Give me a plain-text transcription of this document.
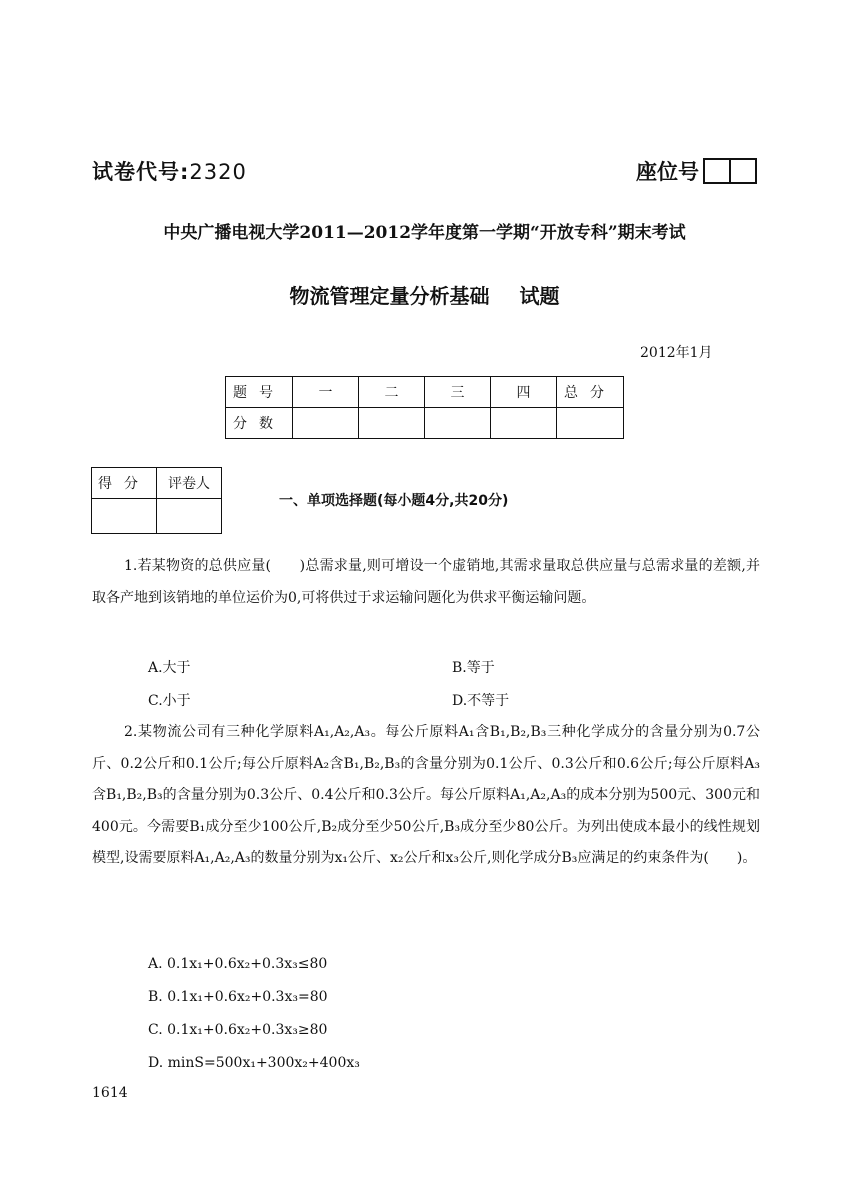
试卷代号:2320	座位号
中央广播电视大学2011—2012学年度第一学期“开放专科”期末考试
物流管理定量分析基础 试题
2012年1月
题号	一	二	三	四	总分
分数					
得分	评卷人

一、单项选择题(每小题4分,共20分)
1.若某物资的总供应量(　　)总需求量,则可增设一个虚销地,其需求量取总供应量与总需求量的差额,并取各产地到该销地的单位运价为0,可将供过于求运输问题化为供求平衡运输问题。
A.大于	B.等于
C.小于	D.不等于
2.某物流公司有三种化学原料A₁,A₂,A₃。每公斤原料A₁含B₁,B₂,B₃三种化学成分的含量分别为0.7公斤、0.2公斤和0.1公斤;每公斤原料A₂含B₁,B₂,B₃的含量分别为0.1公斤、0.3公斤和0.6公斤;每公斤原料A₃含B₁,B₂,B₃的含量分别为0.3公斤、0.4公斤和0.3公斤。每公斤原料A₁,A₂,A₃的成本分别为500元、300元和400元。今需要B₁成分至少100公斤,B₂成分至少50公斤,B₃成分至少80公斤。为列出使成本最小的线性规划模型,设需要原料A₁,A₂,A₃的数量分别为x₁公斤、x₂公斤和x₃公斤,则化学成分B₃应满足的约束条件为(　　)。
A. 0.1x₁+0.6x₂+0.3x₃≤80
B. 0.1x₁+0.6x₂+0.3x₃=80
C. 0.1x₁+0.6x₂+0.3x₃≥80
D. minS=500x₁+300x₂+400x₃
1614
